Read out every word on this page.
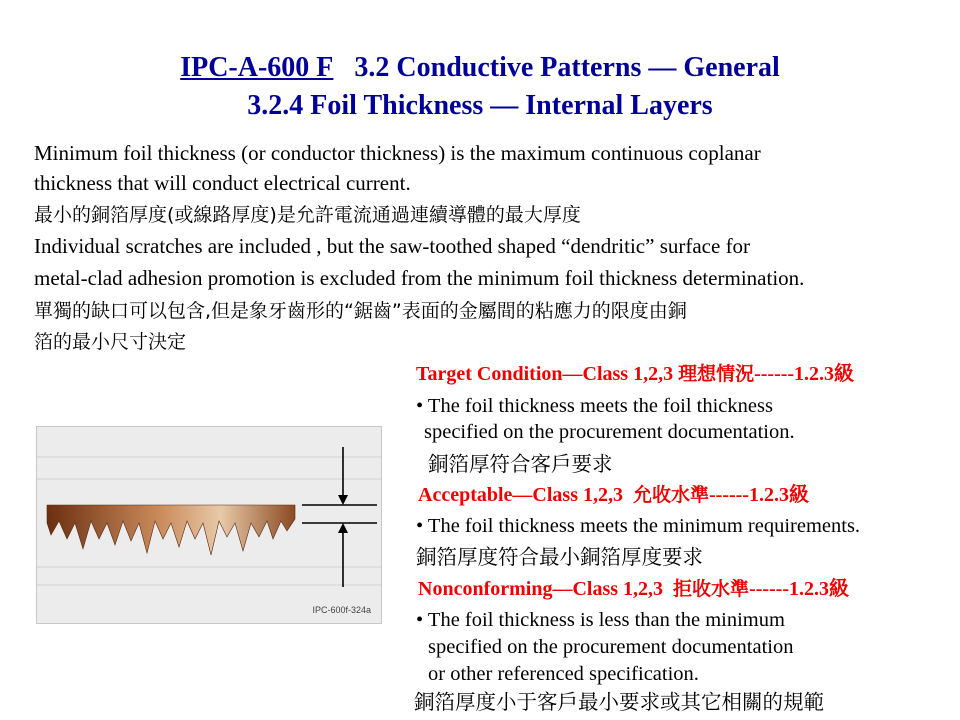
IPC-A-600 F 3.2 Conductive Patterns — General
3.2.4 Foil Thickness — Internal Layers
Minimum foil thickness (or conductor thickness) is the maximum continuous coplanar
thickness that will conduct electrical current.
最小的銅箔厚度(或線路厚度)是允許電流通過連續導體的最大厚度
Individual scratches are included , but the saw-toothed shaped “dendritic” surface for
metal-clad adhesion promotion is excluded from the minimum foil thickness determination.
單獨的缺口可以包含,但是象牙齒形的“鋸齒”表面的金屬間的粘應力的限度由銅
箔的最小尺寸決定
IPC-600f-324a
Target Condition—Class 1,2,3 理想情況------1.2.3級
• The foil thickness meets the foil thickness
specified on the procurement documentation.
銅箔厚符合客戶要求
Acceptable—Class 1,2,3 允收水準------1.2.3級
• The foil thickness meets the minimum requirements.
銅箔厚度符合最小銅箔厚度要求
Nonconforming—Class 1,2,3 拒收水準------1.2.3級
• The foil thickness is less than the minimum
specified on the procurement documentation
or other referenced specification.
銅箔厚度小于客戶最小要求或其它相關的規範
